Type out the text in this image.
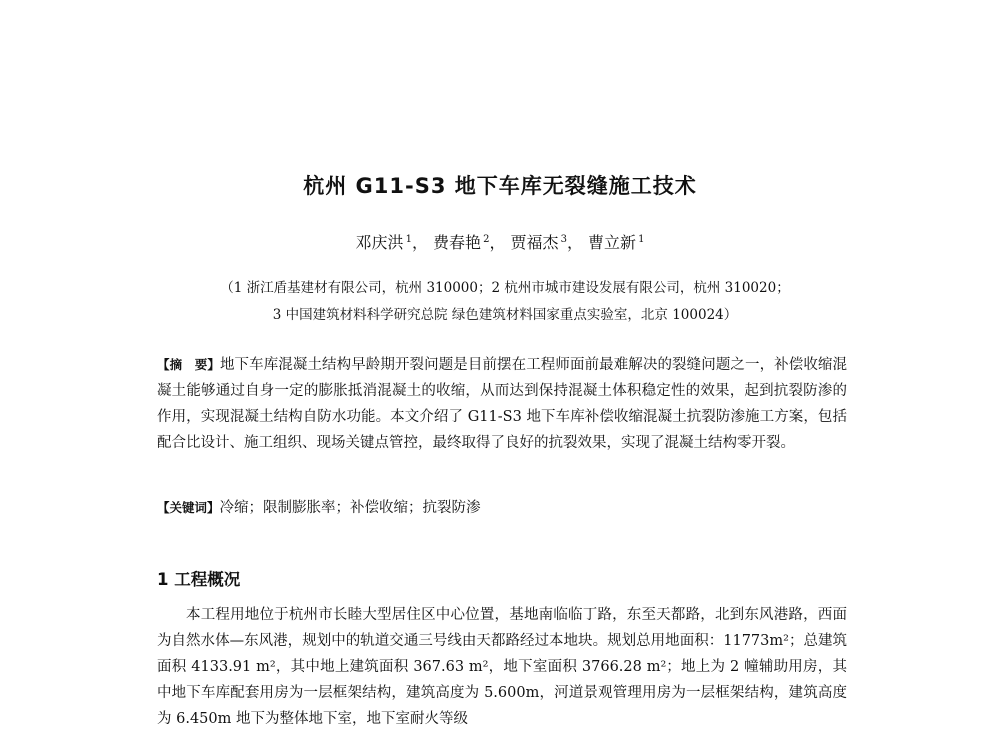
杭州 G11-S3 地下车库无裂缝施工技术
邓庆洪 $^1$， 费春艳 $^2$， 贾福杰 $^3$， 曹立新 $^1$
（1 浙江盾基建材有限公司，杭州 310000；2 杭州市城市建设发展有限公司，杭州 310020；
3 中国建筑材料科学研究总院 绿色建筑材料国家重点实验室，北京 100024）
【摘　要】地下车库混凝土结构早龄期开裂问题是目前摆在工程师面前最难解决的裂缝问题之一，补偿收缩混凝土能够通过自身一定的膨胀抵消混凝土的收缩，从而达到保持混凝土体积稳定性的效果，起到抗裂防渗的作用，实现混凝土结构自防水功能。本文介绍了 G11-S3 地下车库补偿收缩混凝土抗裂防渗施工方案，包括配合比设计、施工组织、现场关键点管控，最终取得了良好的抗裂效果，实现了混凝土结构零开裂。
【关键词】冷缩；限制膨胀率；补偿收缩；抗裂防渗
1 工程概况
本工程用地位于杭州市长睦大型居住区中心位置，基地南临临丁路，东至天都路，北到东风港路，西面为自然水体—东风港，规划中的轨道交通三号线由天都路经过本地块。规划总用地面积：11773m²；总建筑面积 4133.91 m²，其中地上建筑面积 367.63 m²，地下室面积 3766.28 m²；地上为 2 幢辅助用房，其中地下车库配套用房为一层框架结构，建筑高度为 5.600m，河道景观管理用房为一层框架结构，建筑高度为 6.450m 地下为整体地下室，地下室耐火等级
